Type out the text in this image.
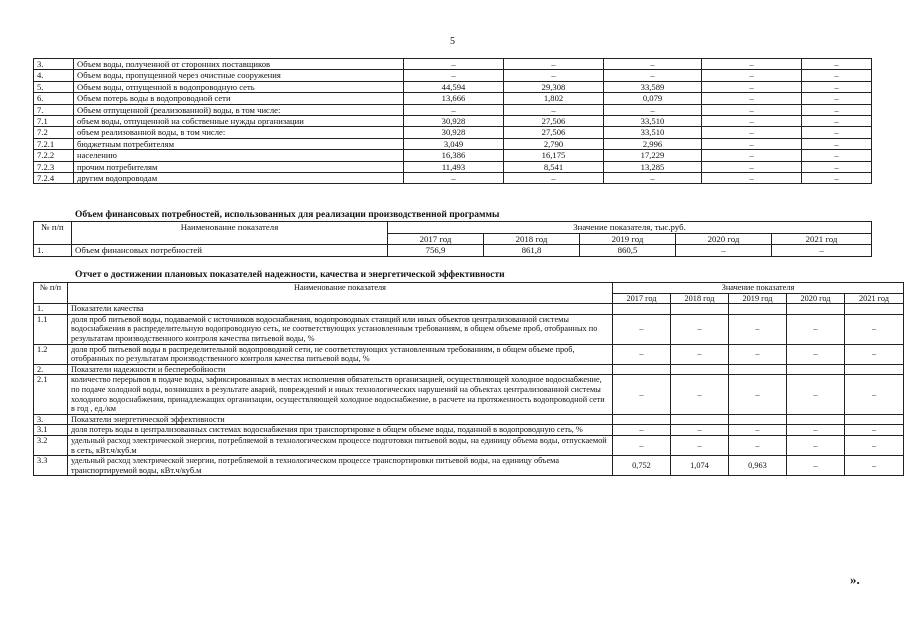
5
3.	Объем воды, полученной от сторонних поставщиков	–	–	–	–	–
4.	Объем воды, пропущенной через очистные сооружения	–	–	–	–	–
5.	Объем воды, отпущенной в водопроводную сеть	44,594	29,308	33,589	–	–
6.	Объем потерь воды в водопроводной сети	13,666	1,802	0,079	–	–
7.	Объем отпущенной (реализованной) воды, в том числе:	–	–	–	–	–
7.1	объем воды, отпущенной на собственные нужды организации	30,928	27,506	33,510	–	–
7.2	объем реализованной воды, в том числе:	30,928	27,506	33,510	–	–
7.2.1	бюджетным потребителям	3,049	2,790	2,996	–	–
7.2.2	населению	16,386	16,175	17,229	–	–
7.2.3	прочим потребителям	11,493	8,541	13,285	–	–
7.2.4	другим водопроводам	–	–	–	–	–
Объем финансовых потребностей, использованных для реализации производственной программы
№ п/п	Наименование показателя	Значение показателя, тыс.руб.				
		2017 год	2018 год	2019 год	2020 год	2021 год
1.	Объем финансовых потребностей	756,9	861,8	860,5	–	–
Отчет о достижении плановых показателей надежности, качества и энергетической эффективности
№ п/п	Наименование показателя	Значение показателя				
		2017 год	2018 год	2019 год	2020 год	2021 год
1.	Показатели качества					
1.1	доля проб питьевой воды, подаваемой с источников водоснабжения, водопроводных станций или иных объектов централизованной системы водоснабжения в распределительную водопроводную сеть, не соответствующих установленным требованиям, в общем объеме проб, отобранных по результатам производственного контроля качества питьевой воды, %	–	–	–	–	–
1.2	доля проб питьевой воды в распределительной водопроводной сети, не соответствующих установленным требованиям, в общем объеме проб, отобранных по результатам производственного контроля качества питьевой воды, %	–	–	–	–	–
2.	Показатели надежности и бесперебойности					
2.1	количество перерывов в подаче воды, зафиксированных в местах исполнения обязательств организацией, осуществляющей холодное водоснабжение, по подаче холодной воды, возникших в результате аварий, повреждений и иных технологических нарушений на объектах централизованной системы холодного водоснабжения, принадлежащих организации, осуществляющей холодное водоснабжение, в расчете на протяженность водопроводной сети в год , ед./км	–	–	–	–	–
3.	Показатели энергетической эффективности					
3.1	доля потерь воды в централизованных системах водоснабжения при транспортировке в общем объеме воды, поданной в водопроводную сеть, %	–	–	–	–	–
3.2	удельный расход электрической энергии, потребляемой в технологическом процессе подготовки питьевой воды, на единицу объема воды, отпускаемой в сеть, кВт.ч/куб.м	–	–	–	–	–
3.3	удельный расход электрической энергии, потребляемой в технологическом процессе транспортировки питьевой воды, на единицу объема транспортируемой воды, кВт.ч/куб.м	0,752	1,074	0,963	–	–
».
